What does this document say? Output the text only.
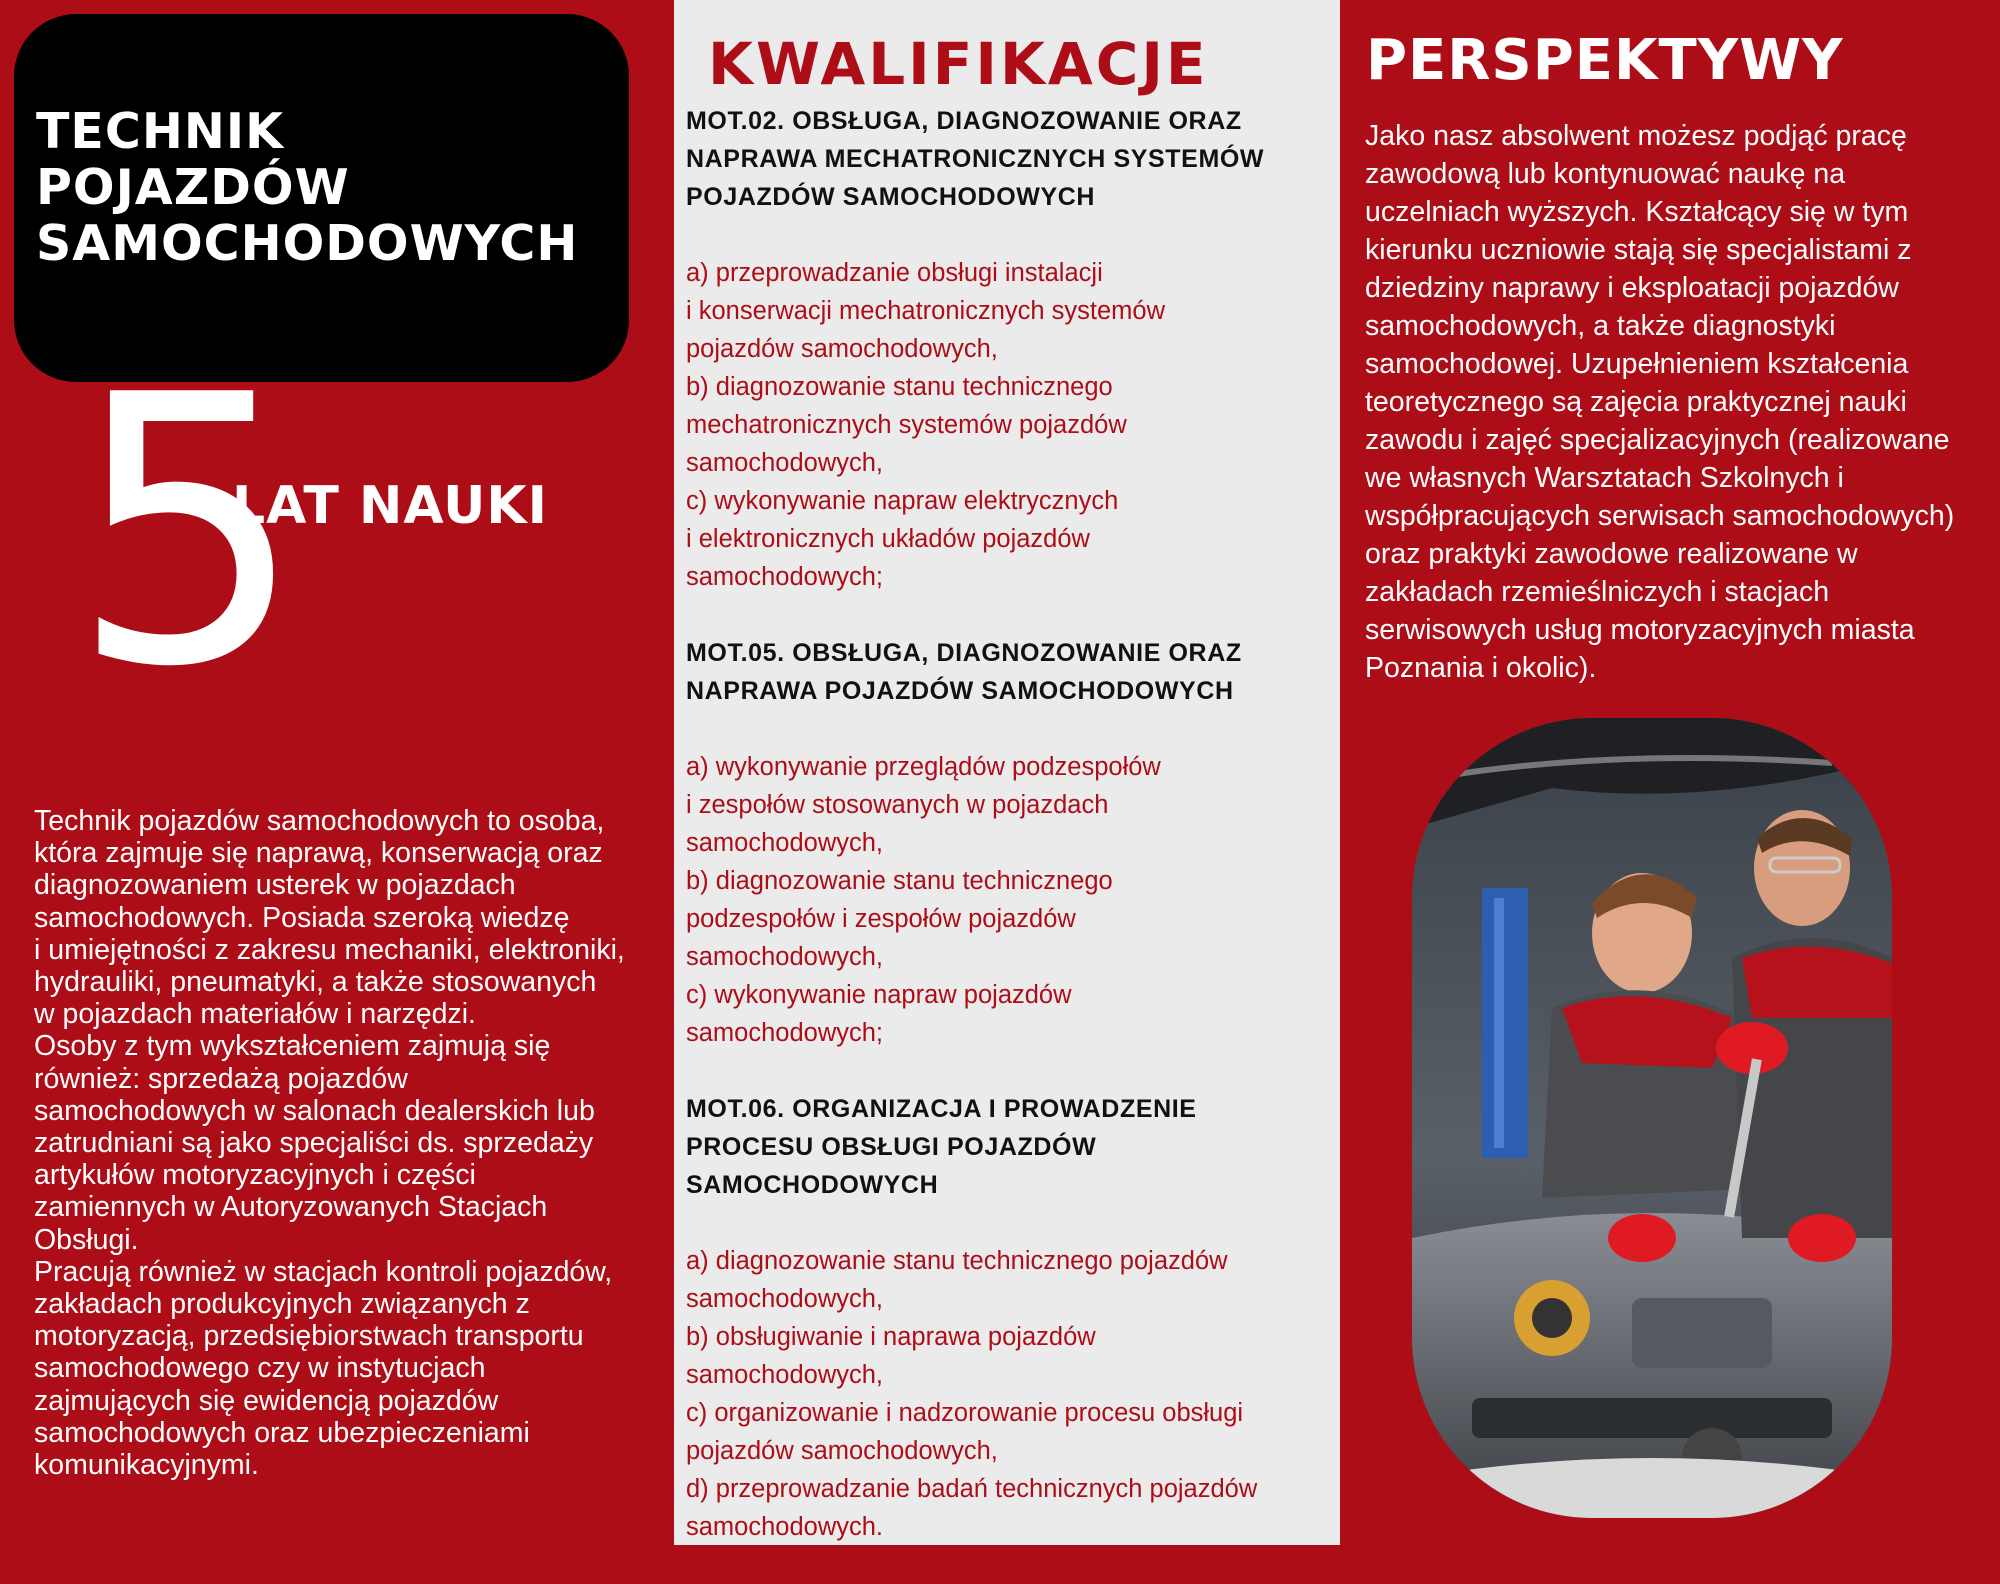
TECHNIK
POJAZDÓW
SAMOCHODOWYCH
5
LAT NAUKI

Technik pojazdów samochodowych to osoba,
która zajmuje się naprawą, konserwacją oraz
diagnozowaniem usterek w pojazdach
samochodowych. Posiada szeroką wiedzę
i umiejętności z zakresu mechaniki, elektroniki,
hydrauliki, pneumatyki, a także stosowanych
w pojazdach materiałów i narzędzi.
Osoby z tym wykształceniem zajmują się
również: sprzedażą pojazdów
samochodowych w salonach dealerskich lub
zatrudniani są jako specjaliści ds. sprzedaży
artykułów motoryzacyjnych i części
zamiennych w Autoryzowanych Stacjach
Obsługi.
Pracują również w stacjach kontroli pojazdów,
zakładach produkcyjnych związanych z
motoryzacją, przedsiębiorstwach transportu
samochodowego czy w instytucjach
zajmujących się ewidencją pojazdów
samochodowych oraz ubezpieczeniami
komunikacyjnymi.

KWALIFIKACJE

MOT.02. OBSŁUGA, DIAGNOZOWANIE ORAZ
NAPRAWA MECHATRONICZNYCH SYSTEMÓW
POJAZDÓW SAMOCHODOWYCH

a) przeprowadzanie obsługi instalacji
i konserwacji mechatronicznych systemów
pojazdów samochodowych,
b) diagnozowanie stanu technicznego
mechatronicznych systemów pojazdów
samochodowych,
c) wykonywanie napraw elektrycznych
i elektronicznych układów pojazdów
samochodowych;

MOT.05. OBSŁUGA, DIAGNOZOWANIE ORAZ
NAPRAWA POJAZDÓW SAMOCHODOWYCH

a) wykonywanie przeglądów podzespołów
i zespołów stosowanych w pojazdach
samochodowych,
b) diagnozowanie stanu technicznego
podzespołów i zespołów pojazdów
samochodowych,
c) wykonywanie napraw pojazdów
samochodowych;

MOT.06. ORGANIZACJA I PROWADZENIE
PROCESU OBSŁUGI POJAZDÓW
SAMOCHODOWYCH

a) diagnozowanie stanu technicznego pojazdów
samochodowych,
b) obsługiwanie i naprawa pojazdów
samochodowych,
c) organizowanie i nadzorowanie procesu obsługi
pojazdów samochodowych,
d) przeprowadzanie badań technicznych pojazdów
samochodowych.

PERSPEKTYWY

Jako nasz absolwent możesz podjąć pracę
zawodową lub kontynuować naukę na
uczelniach wyższych. Kształcący się w tym
kierunku uczniowie stają się specjalistami z
dziedziny naprawy i eksploatacji pojazdów
samochodowych, a także diagnostyki
samochodowej. Uzupełnieniem kształcenia
teoretycznego są zajęcia praktycznej nauki
zawodu i zajęć specjalizacyjnych (realizowane
we własnych Warsztatach Szkolnych i
współpracujących serwisach samochodowych)
oraz praktyki zawodowe realizowane w
zakładach rzemieślniczych i stacjach
serwisowych usług motoryzacyjnych miasta
Poznania i okolic).
